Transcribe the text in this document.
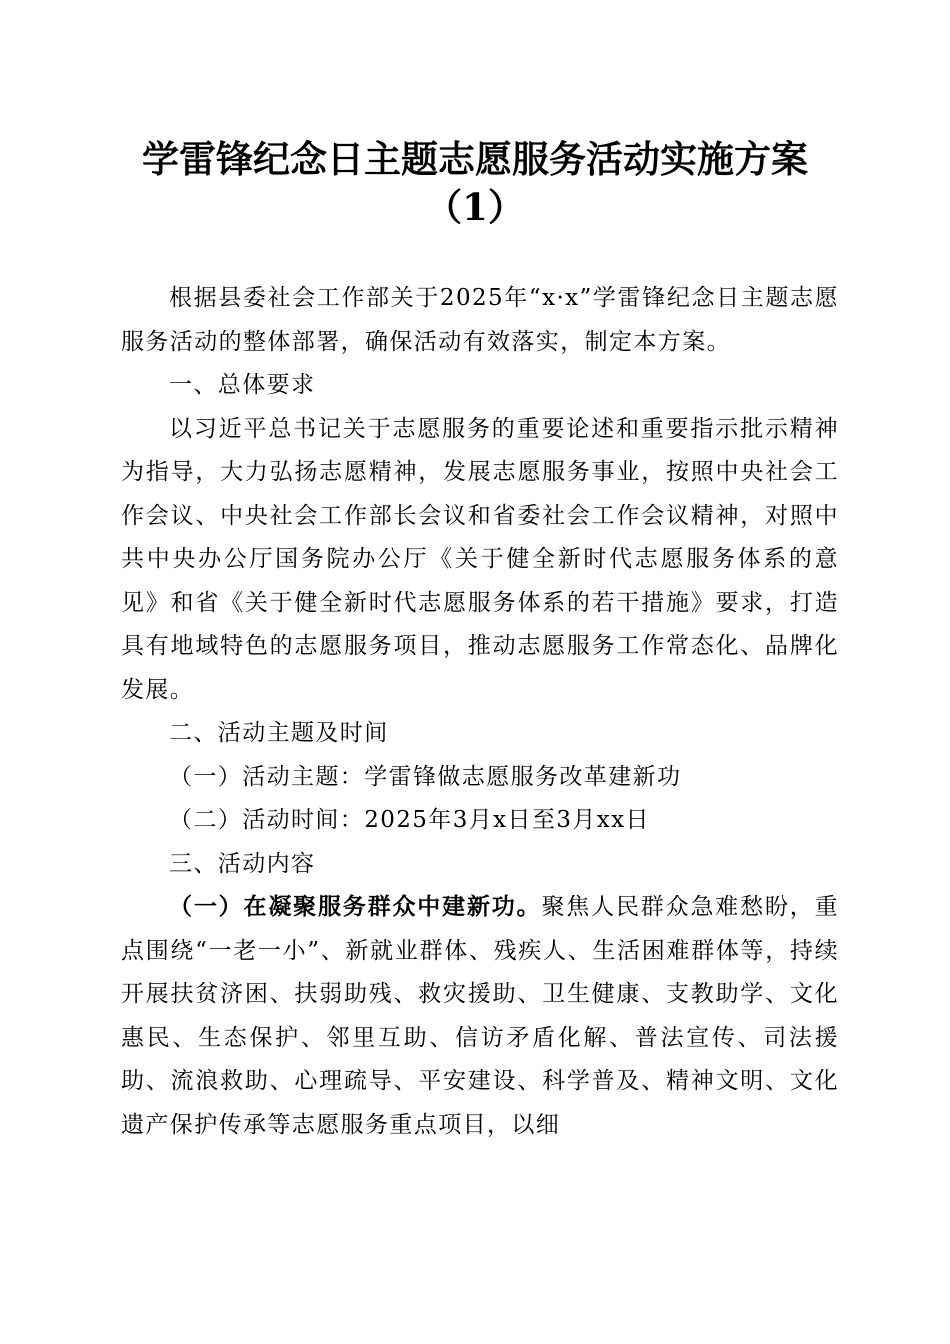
学雷锋纪念日主题志愿服务活动实施方案
（1）

根据县委社会工作部关于2025年“x·x”学雷锋纪念日主题志愿服务活动的整体部署，确保活动有效落实，制定本方案。

一、总体要求

以习近平总书记关于志愿服务的重要论述和重要指示批示精神为指导，大力弘扬志愿精神，发展志愿服务事业，按照中央社会工作会议、中央社会工作部长会议和省委社会工作会议精神，对照中共中央办公厅国务院办公厅《关于健全新时代志愿服务体系的意见》和省《关于健全新时代志愿服务体系的若干措施》要求，打造具有地域特色的志愿服务项目，推动志愿服务工作常态化、品牌化发展。

二、活动主题及时间

（一）活动主题：学雷锋做志愿服务改革建新功

（二）活动时间：2025年3月x日至3月xx日

三、活动内容

（一）在凝聚服务群众中建新功。聚焦人民群众急难愁盼，重点围绕“一老一小”、新就业群体、残疾人、生活困难群体等，持续开展扶贫济困、扶弱助残、救灾援助、卫生健康、支教助学、文化惠民、生态保护、邻里互助、信访矛盾化解、普法宣传、司法援助、流浪救助、心理疏导、平安建设、科学普及、精神文明、文化遗产保护传承等志愿服务重点项目，以细
